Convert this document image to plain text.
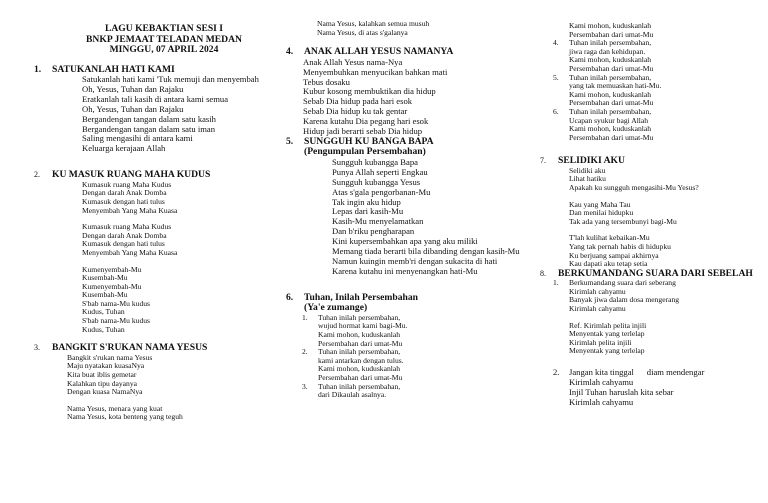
LAGU KEBAKTIAN SESI I
BNKP JEMAAT TELADAN MEDAN
MINGGU, 07 APRIL 2024
1.	SATUKANLAH HATI KAMI
Satukanlah hati kami 'Tuk memuji dan menyembah
Oh, Yesus, Tuhan dan Rajaku
Eratkanlah tali kasih di antara kami semua
Oh, Yesus, Tuhan dan Rajaku
Bergandengan tangan dalam satu kasih
Bergandengan tangan dalam satu iman
Saling mengasihi di antara kami
Keluarga kerajaan Allah
2.	KU MASUK RUANG MAHA KUDUS
Kumasuk ruang Maha Kudus
Dengan darah Anak Domba
Kumasuk dengan hati tulus
Menyembah Yang Maha Kuasa
Kumasuk ruang Maha Kudus
Dengan darah Anak Domba
Kumasuk dengan hati tulus
Menyembah Yang Maha Kuasa
Kumenyembah-Mu
Kusembah-Mu
Kumenyembah-Mu
Kusembah-Mu
S'bab nama-Mu kudus
Kudus, Tuhan
S'bab nama-Mu kudus
Kudus, Tuhan
3.	BANGKIT S'RUKAN NAMA YESUS
Bangkit s'rukan nama Yesus
Maju nyatakan kuasaNya
Kita buat iblis gemetar
Kalahkan tipu dayanya
Dengan kuasa NamaNya
Nama Yesus, menara yang kuat
Nama Yesus, kota benteng yang teguh
Nama Yesus, kalahkan semua musuh
Nama Yesus, di atas s'galanya
4.	ANAK ALLAH YESUS NAMANYA
Anak Allah Yesus nama-Nya
Menyembuhkan menyucikan bahkan mati
Tebus dosaku
Kubur kosong membuktikan dia hidup
Sebab Dia hidup pada hari esok
Sebab Dia hidup ku tak gentar
Karena kutahu Dia pegang hari esok
Hidup jadi berarti sebab Dia hidup
5.	SUNGGUH KU BANGA BAPA
(Pengumpulan Persembahan)
Sungguh kubangga Bapa
Punya Allah seperti Engkau
Sungguh kubangga Yesus
Atas s'gala pengorbanan-Mu
Tak ingin aku hidup
Lepas dari kasih-Mu
Kasih-Mu menyelamatkan
Dan b'riku pengharapan
Kini kupersembahkan apa yang aku miliki
Memang tiada berarti bila dibanding dengan kasih-Mu
Namun kuingin memb'ri dengan sukacita di hati
Karena kutahu ini menyenangkan hati-Mu
6.	Tuhan, Inilah Persembahan
(Ya'e zumange)
1.	Tuhan inilah persembahan,
wujud hormat kami bagi-Mu.
Kami mohon, kuduskanlah
Persembahan dari umat-Mu
2.	Tuhan inilah persembahan,
kami antarkan dengan tulus.
Kami mohon, kuduskanlah
Persembahan dari umat-Mu
3.	Tuhan inilah persembahan,
dari Dikaulah asalnya.
Kami mohon, kuduskanlah
Persembahan dari umat-Mu
4.	Tuhan inilah persembahan,
jiwa raga dan kehidupan.
Kami mohon, kuduskanlah
Persembahan dari umat-Mu
5.	Tuhan inilah persembahan,
yang tak memuaskan hati-Mu.
Kami mohon, kuduskanlah
Persembahan dari umat-Mu
6.	Tuhan inilah persembahan,
Ucapan syukur bagi Allah
Kami mohon, kuduskanlah
Persembahan dari umat-Mu
7.	SELIDIKI AKU
Selidiki aku
Lihat hatiku
Apakah ku sungguh mengasihi-Mu Yesus?
Kau yang Maha Tau
Dan menilai hidupku
Tak ada yang tersembunyi bagi-Mu
T'lah kulihat kebaikan-Mu
Yang tak pernah habis di hidupku
Ku berjuang sampai akhirnya
Kau dapati aku tetap setia
8.	BERKUMANDANG SUARA DARI SEBELAH
1.	Berkumandang suara dari seberang
Kirimlah cahyamu
Banyak jiwa dalam dosa mengerang
Kirimlah cahyamu
Ref. Kirimlah pelita injili
Menyentak yang terlelap
Kirimlah pelita injili
Menyentak yang terlelap
2.	Jangan kita tinggal      diam mendengar
Kirimlah cahyamu
Injil Tuhan haruslah kita sebar
Kirimlah cahyamu
